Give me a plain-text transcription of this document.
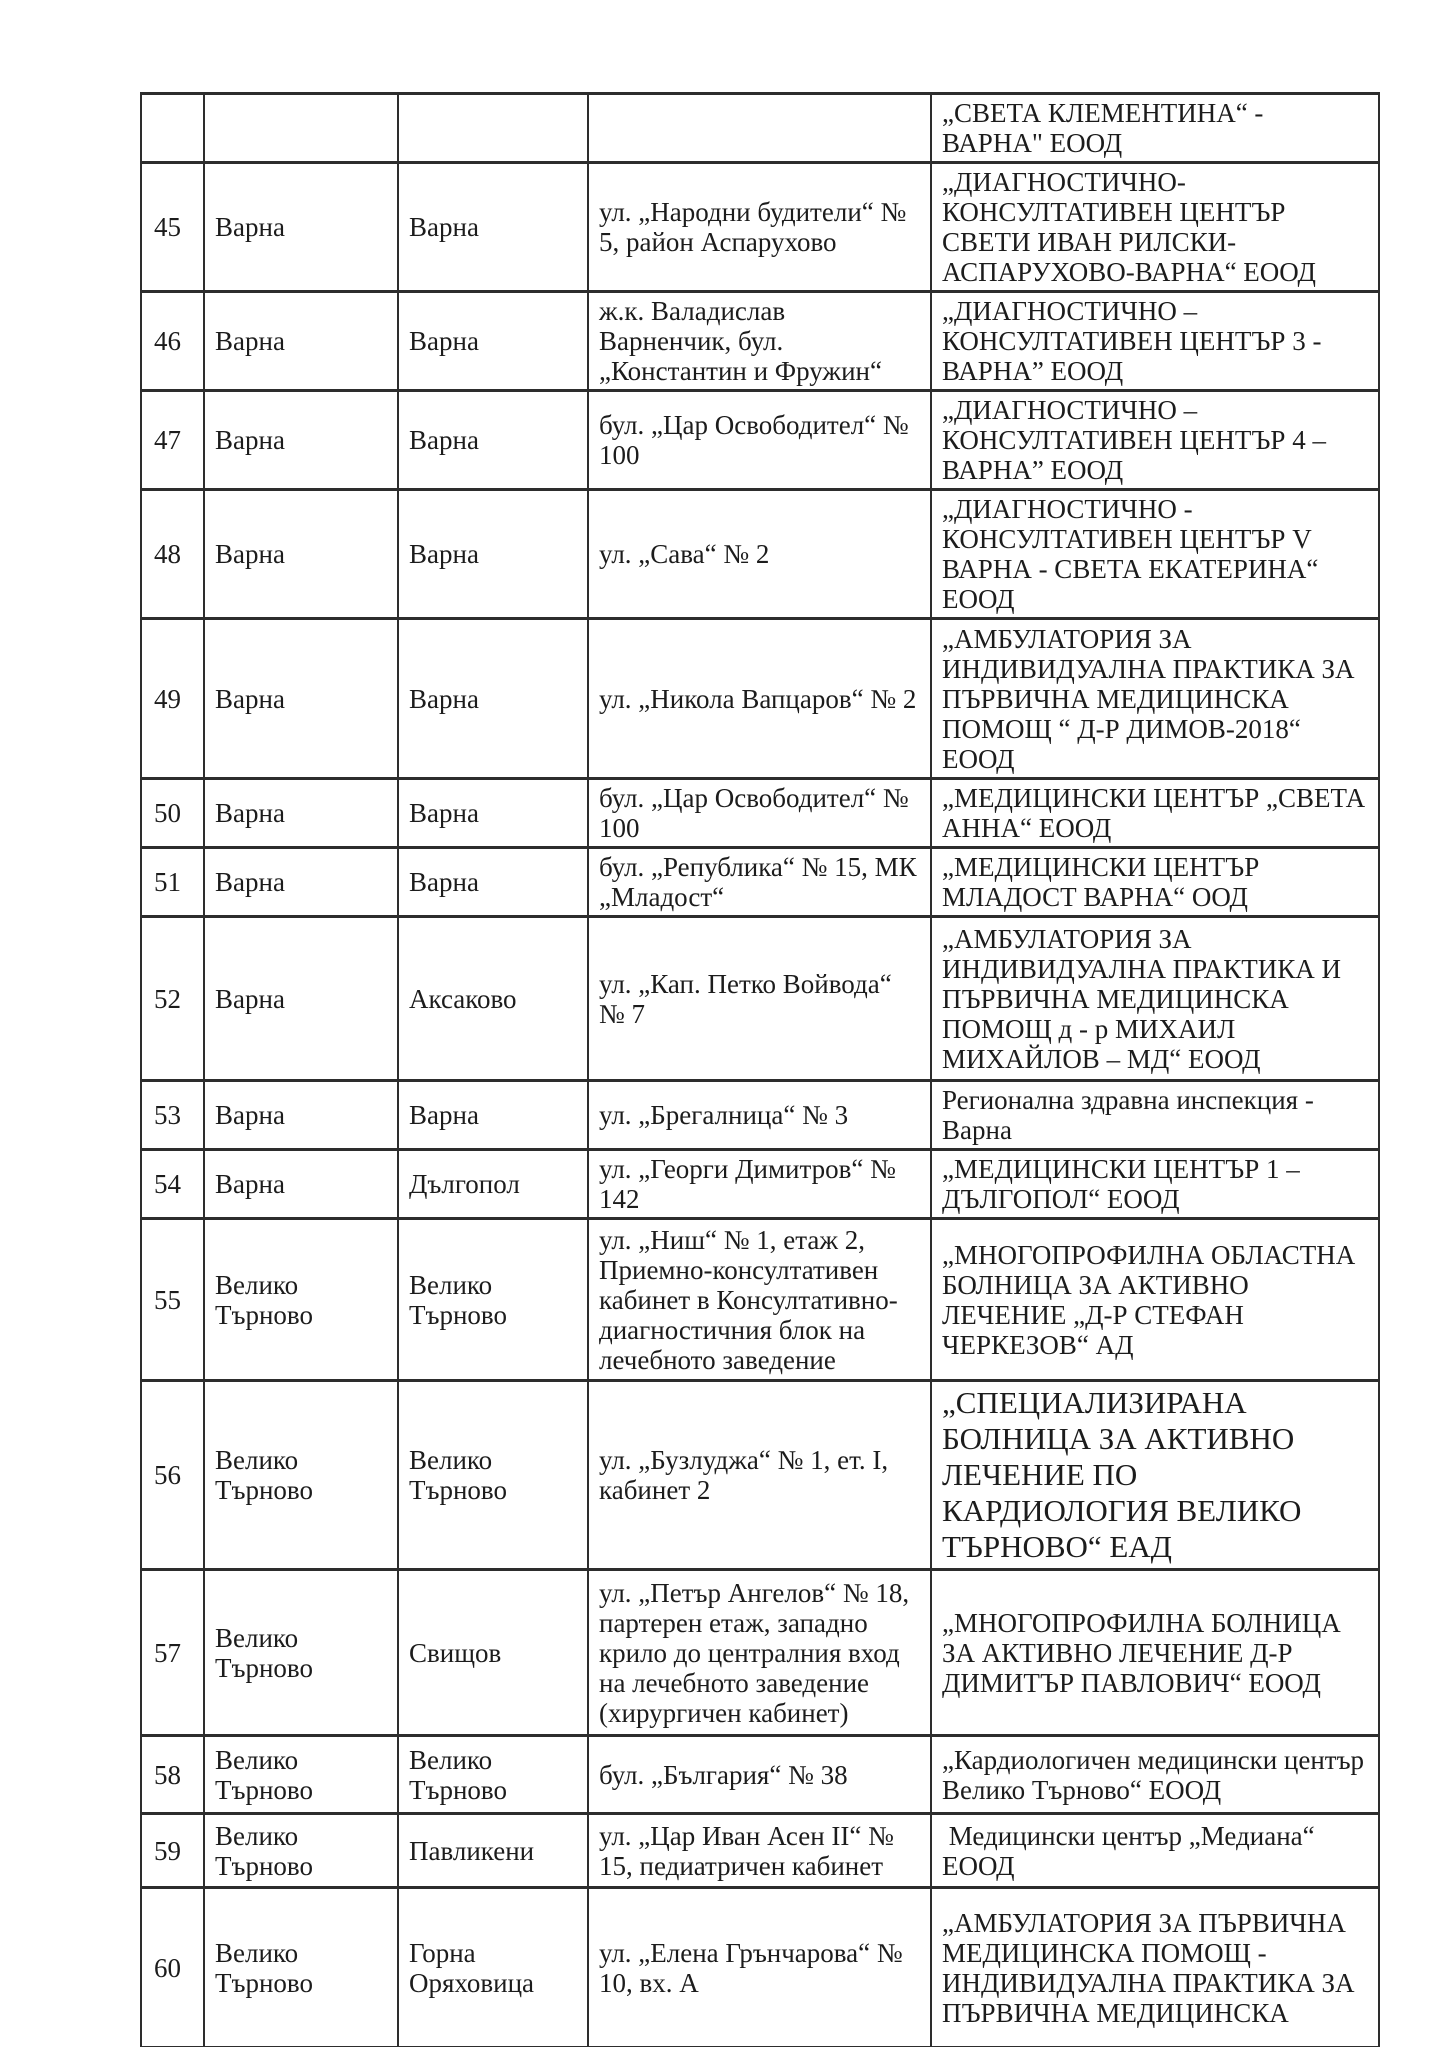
				„СВЕТА КЛЕМЕНТИНА“ - ВАРНА" ЕООД
45	Варна	Варна	ул. „Народни будители“ № 5, район Аспарухово	„ДИАГНОСТИЧНО-КОНСУЛТАТИВЕН ЦЕНТЪР СВЕТИ ИВАН РИЛСКИ-АСПАРУХОВО-ВАРНА“ ЕООД
46	Варна	Варна	ж.к. Валадислав Варненчик, бул. „Константин и Фружин“	„ДИАГНОСТИЧНО – КОНСУЛТАТИВЕН ЦЕНТЪР 3 - ВАРНА” ЕООД
47	Варна	Варна	бул. „Цар Освободител“ № 100	„ДИАГНОСТИЧНО – КОНСУЛТАТИВЕН ЦЕНТЪР 4 – ВАРНА” ЕООД
48	Варна	Варна	ул. „Сава“ № 2	„ДИАГНОСТИЧНО - КОНСУЛТАТИВЕН ЦЕНТЪР V ВАРНА - СВЕТА ЕКАТЕРИНА“ ЕООД
49	Варна	Варна	ул. „Никола Вапцаров“ № 2	„АМБУЛАТОРИЯ ЗА ИНДИВИДУАЛНА ПРАКТИКА ЗА ПЪРВИЧНА МЕДИЦИНСКА ПОМОЩ “ Д-Р ДИМОВ-2018“ ЕООД
50	Варна	Варна	бул. „Цар Освободител“ № 100	„МЕДИЦИНСКИ ЦЕНТЪР „СВЕТА АННА“ ЕООД
51	Варна	Варна	бул. „Република“ № 15, МК „Младост“	„МЕДИЦИНСКИ ЦЕНТЪР МЛАДОСТ ВАРНА“ ООД
52	Варна	Аксаково	ул. „Кап. Петко Войвода“ № 7	„АМБУЛАТОРИЯ ЗА ИНДИВИДУАЛНА ПРАКТИКА И ПЪРВИЧНА МЕДИЦИНСКА ПОМОЩ д - р МИХАИЛ МИХАЙЛОВ – МД“ ЕООД
53	Варна	Варна	ул. „Брегалница“ № 3	Регионална здравна инспекция - Варна
54	Варна	Дългопол	ул. „Георги Димитров“ № 142	„МЕДИЦИНСКИ ЦЕНТЪР 1 – ДЪЛГОПОЛ“ ЕООД
55	Велико Търново	Велико Търново	ул. „Ниш“ № 1, етаж 2, Приемно-консултативен кабинет в Консултативно-диагностичния блок на лечебното заведение	„МНОГОПРОФИЛНА ОБЛАСТНА БОЛНИЦА ЗА АКТИВНО ЛЕЧЕНИЕ „Д-Р СТЕФАН ЧЕРКЕЗОВ“ АД
56	Велико Търново	Велико Търново	ул. „Бузлуджа“ № 1, ет. I, кабинет 2	„СПЕЦИАЛИЗИРАНА БОЛНИЦА ЗА АКТИВНО ЛЕЧЕНИЕ ПО КАРДИОЛОГИЯ ВЕЛИКО ТЪРНОВО“ ЕАД
57	Велико Търново	Свищов	ул. „Петър Ангелов“ № 18, партерен етаж, западно крило до централния вход на лечебното заведение (хирургичен кабинет)	„МНОГОПРОФИЛНА БОЛНИЦА ЗА АКТИВНО ЛЕЧЕНИЕ Д-Р ДИМИТЪР ПАВЛОВИЧ“ ЕООД
58	Велико Търново	Велико Търново	бул. „България“ № 38	„Кардиологичен медицински център Велико Търново“ ЕООД
59	Велико Търново	Павликени	ул. „Цар Иван Асен II“ № 15, педиатричен кабинет	Медицински център „Медиана“ ЕООД
60	Велико Търново	Горна Оряховица	ул. „Елена Грънчарова“ № 10, вх. А	„АМБУЛАТОРИЯ ЗА ПЪРВИЧНА МЕДИЦИНСКА ПОМОЩ - ИНДИВИДУАЛНА ПРАКТИКА ЗА ПЪРВИЧНА МЕДИЦИНСКА
